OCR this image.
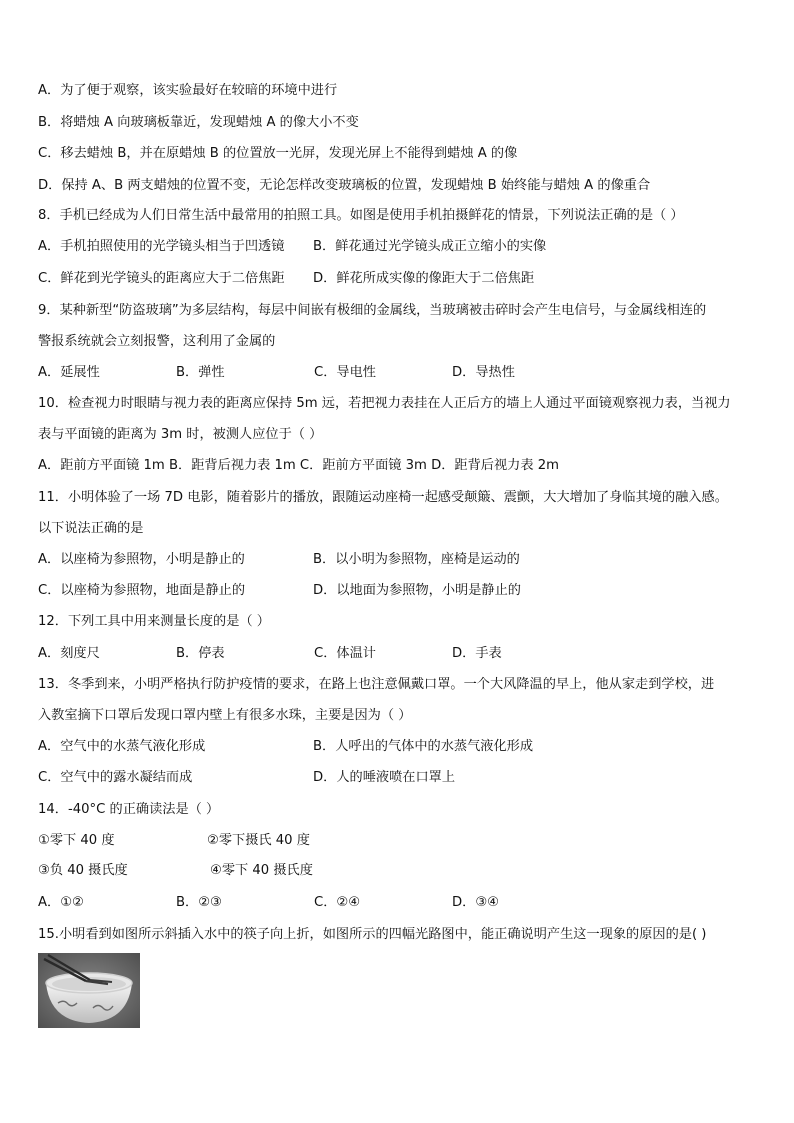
A．为了便于观察，该实验最好在较暗的环境中进行
B．将蜡烛 A 向玻璃板靠近，发现蜡烛 A 的像大小不变
C．移去蜡烛 B，并在原蜡烛 B 的位置放一光屏，发现光屏上不能得到蜡烛 A 的像
D．保持 A、B 两支蜡烛的位置不变，无论怎样改变玻璃板的位置，发现蜡烛 B 始终能与蜡烛 A 的像重合
8．手机已经成为人们日常生活中最常用的拍照工具。如图是使用手机拍摄鲜花的情景，下列说法正确的是（ ）
A．手机拍照使用的光学镜头相当于凹透镜	B．鲜花通过光学镜头成正立缩小的实像
C．鲜花到光学镜头的距离应大于二倍焦距	D．鲜花所成实像的像距大于二倍焦距
9．某种新型“防盗玻璃”为多层结构，每层中间嵌有极细的金属线，当玻璃被击碎时会产生电信号，与金属线相连的
警报系统就会立刻报警，这利用了金属的
A．延展性	B．弹性	C．导电性	D．导热性
10．检查视力时眼睛与视力表的距离应保持 5m 远，若把视力表挂在人正后方的墙上人通过平面镜观察视力表，当视力
表与平面镜的距离为 3m 时，被测人应位于（ ）
A．距前方平面镜 1m B．距背后视力表 1m C．距前方平面镜 3m D．距背后视力表 2m
11．小明体验了一场 7D 电影，随着影片的播放，跟随运动座椅一起感受颠簸、震颤，大大增加了身临其境的融入感。
以下说法正确的是
A．以座椅为参照物，小明是静止的	B．以小明为参照物，座椅是运动的
C．以座椅为参照物，地面是静止的	D．以地面为参照物，小明是静止的
12．下列工具中用来测量长度的是（ ）
A．刻度尺	B．停表	C．体温计	D．手表
13．冬季到来，小明严格执行防护疫情的要求，在路上也注意佩戴口罩。一个大风降温的早上，他从家走到学校，进
入教室摘下口罩后发现口罩内壁上有很多水珠，主要是因为（ ）
A．空气中的水蒸气液化形成	B．人呼出的气体中的水蒸气液化形成
C．空气中的露水凝结而成	D．人的唾液喷在口罩上
14．-40°C 的正确读法是（ ）
①零下 40 度	②零下摄氏 40 度
③负 40 摄氏度	④零下 40 摄氏度
A．①②	B．②③	C．②④	D．③④
15.小明看到如图所示斜插入水中的筷子向上折，如图所示的四幅光路图中，能正确说明产生这一现象的原因的是( )
